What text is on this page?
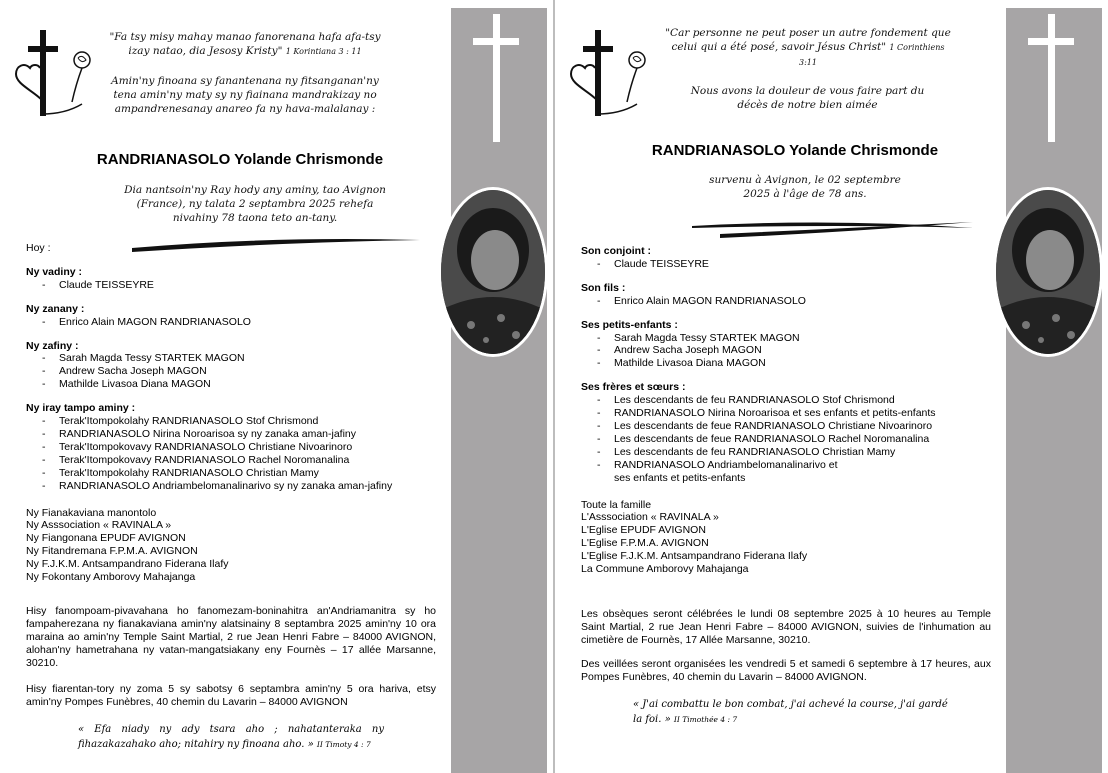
"Fa tsy misy mahay manao fanorenana hafa afa-tsy izay natao, dia Jesosy Kristy" 1 Korintiana 3 : 11
Amin'ny finoana sy fanantenana ny fitsanganan'ny tena amin'ny maty sy ny fiainana mandrakizay no ampandrenesanay anareo fa ny hava-malalanay :
RANDRIANASOLO Yolande Chrismonde
Dia nantsoin'ny Ray hody any aminy, tao Avignon (France), ny talata 2 septambra 2025 rehefa nivahiny 78 taona teto an-tany.
Hoy :
Ny vadiny :
- Claude TEISSEYRE
Ny zanany :
- Enrico Alain MAGON RANDRIANASOLO
Ny zafiny :
- Sarah Magda Tessy STARTEK MAGON
- Andrew Sacha Joseph MAGON
- Mathilde Livasoa Diana MAGON
Ny iray tampo aminy :
- Terak'Itompokolahy RANDRIANASOLO Stof Chrismond
- RANDRIANASOLO Nirina Noroarisoa sy ny zanaka aman-jafiny
- Terak'Itompokovavy RANDRIANASOLO Christiane Nivoarinoro
- Terak'Itompokovavy RANDRIANASOLO Rachel Noromanalina
- Terak'Itompokolahy RANDRIANASOLO Christian Mamy
- RANDRIANASOLO Andriambelomanalinarivo sy ny zanaka aman-jafiny
Ny Fianakaviana manontolo
Ny Asssociation « RAVINALA »
Ny Fiangonana EPUDF AVIGNON
Ny Fitandremana F.P.M.A. AVIGNON
Ny F.J.K.M. Antsampandrano Fiderana Ilafy
Ny Fokontany Amborovy Mahajanga
Hisy fanompoam-pivavahana ho fanomezam-boninahitra an'Andriamanitra sy ho fampaherezana ny fianakaviana amin'ny alatsinainy 8 septambra 2025 amin'ny 10 ora maraina ao amin'ny Temple Saint Martial, 2 rue Jean Henri Fabre – 84000 AVIGNON, alohan'ny hametrahana ny vatan-mangatsiakany eny Fournès – 17 allée Marsanne, 30210.
Hisy fiarentan-tory ny zoma 5 sy sabotsy 6 septambra amin'ny 5 ora hariva, etsy amin'ny Pompes Funèbres, 40 chemin du Lavarin – 84000 AVIGNON
« Efa niady ny ady tsara aho ; nahatanteraka ny fihazakazahako aho; nitahiry ny finoana aho. » II Timoty 4 : 7
"Car personne ne peut poser un autre fondement que celui qui a été posé, savoir Jésus Christ" 1 Corinthiens 3:11
Nous avons la douleur de vous faire part du décès de notre bien aimée
RANDRIANASOLO Yolande Chrismonde
survenu à Avignon, le 02 septembre 2025 à l'âge de 78 ans.
Son conjoint :
- Claude TEISSEYRE
Son fils :
- Enrico Alain MAGON RANDRIANASOLO
Ses petits-enfants :
- Sarah Magda Tessy STARTEK MAGON
- Andrew Sacha Joseph MAGON
- Mathilde Livasoa Diana MAGON
Ses frères et sœurs :
- Les descendants de feu RANDRIANASOLO Stof Chrismond
- RANDRIANASOLO Nirina Noroarisoa et ses enfants et petits-enfants
- Les descendants de feue RANDRIANASOLO Christiane Nivoarinoro
- Les descendants de feue RANDRIANASOLO Rachel Noromanalina
- Les descendants de feu RANDRIANASOLO Christian Mamy
- RANDRIANASOLO Andriambelomanalinarivo et ses enfants et petits-enfants
Toute la famille
L'Asssociation « RAVINALA »
L'Eglise EPUDF AVIGNON
L'Eglise F.P.M.A. AVIGNON
L'Eglise F.J.K.M. Antsampandrano Fiderana Ilafy
La Commune Amborovy Mahajanga
Les obsèques seront célébrées le lundi 08 septembre 2025 à 10 heures au Temple Saint Martial, 2 rue Jean Henri Fabre – 84000 AVIGNON, suivies de l'inhumation au cimetière de Fournès, 17 Allée Marsanne, 30210.
Des veillées seront organisées les vendredi 5 et samedi 6 septembre à 17 heures, aux Pompes Funèbres, 40 chemin du Lavarin – 84000 AVIGNON.
« J'ai combattu le bon combat, j'ai achevé la course, j'ai gardé la foi. » II Timothée 4 : 7
